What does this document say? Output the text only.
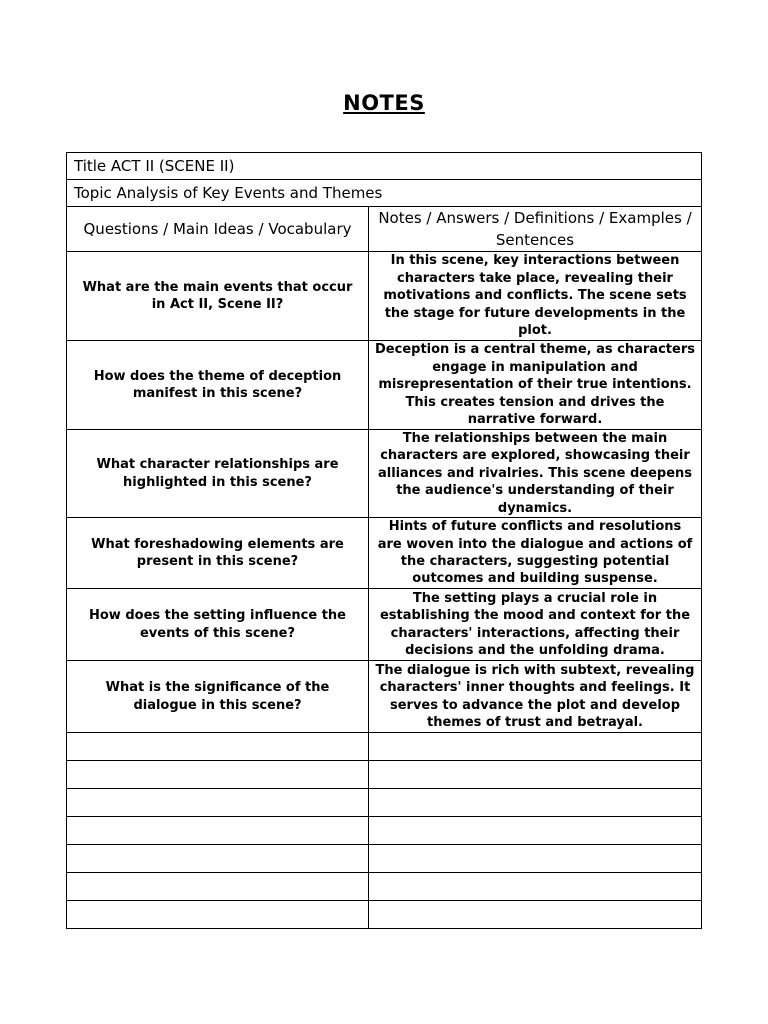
NOTES
Title ACT II (SCENE II)	
Topic Analysis of Key Events and Themes	
Questions / Main Ideas / Vocabulary	Notes / Answers / Definitions / Examples / Sentences
What are the main events that occur in Act II, Scene II?	In this scene, key interactions between characters take place, revealing their motivations and conflicts. The scene sets the stage for future developments in the plot.
How does the theme of deception manifest in this scene?	Deception is a central theme, as characters engage in manipulation and misrepresentation of their true intentions. This creates tension and drives the narrative forward.
What character relationships are highlighted in this scene?	The relationships between the main characters are explored, showcasing their alliances and rivalries. This scene deepens the audience's understanding of their dynamics.
What foreshadowing elements are present in this scene?	Hints of future conflicts and resolutions are woven into the dialogue and actions of the characters, suggesting potential outcomes and building suspense.
How does the setting influence the events of this scene?	The setting plays a crucial role in establishing the mood and context for the characters' interactions, affecting their decisions and the unfolding drama.
What is the significance of the dialogue in this scene?	The dialogue is rich with subtext, revealing characters' inner thoughts and feelings. It serves to advance the plot and develop themes of trust and betrayal.
